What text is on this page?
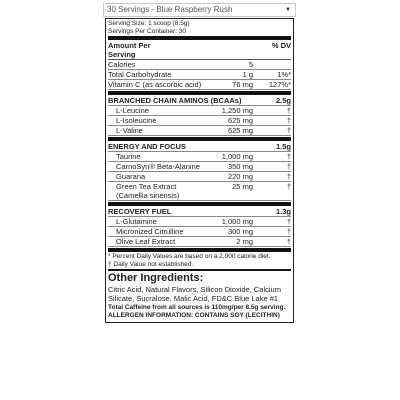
30 Servings - Blue Raspberry Rush	▼
Serving Size: 1 scoop (8.5g)
Servings Per Container: 30
Amount Per Serving
% DV
Calories	5
Total Carbohydrate	1 g	1%*
Vitamin C (as ascorbic acid)	76 mg	127%*
BRANCHED CHAIN AMINOS (BCAAs)	2.5g
L-Leucine	1,250 mg	†
L-Isoleucine	625 mg	†
L-Valine	625 mg	†
ENERGY AND FOCUS	1.5g
Taurine	1,000 mg	†
CarnoSyn® Beta-Alanine	350 mg	†
Guarana	220 mg	†
Green Tea Extract (Camellia sinensis)
25 mg	†
RECOVERY FUEL	1.3g
L-Glutamine	1,000 mg	†
Micronized Citrulline	300 mg	†
Olive Leaf Extract	2 mg	†
* Percent Daily Values are based on a 2,000 calorie diet.
† Daily Value not established.
Other Ingredients:
Citric Acid, Natural Flavors, Silicon Dioxide, Calcium Silicate, Sucralose, Malic Acid, FD&C Blue Lake #1
Total Caffeine from all sources is 110mg/per 8.5g serving.
ALLERGEN INFORMATION: CONTAINS SOY (LECITHIN)
